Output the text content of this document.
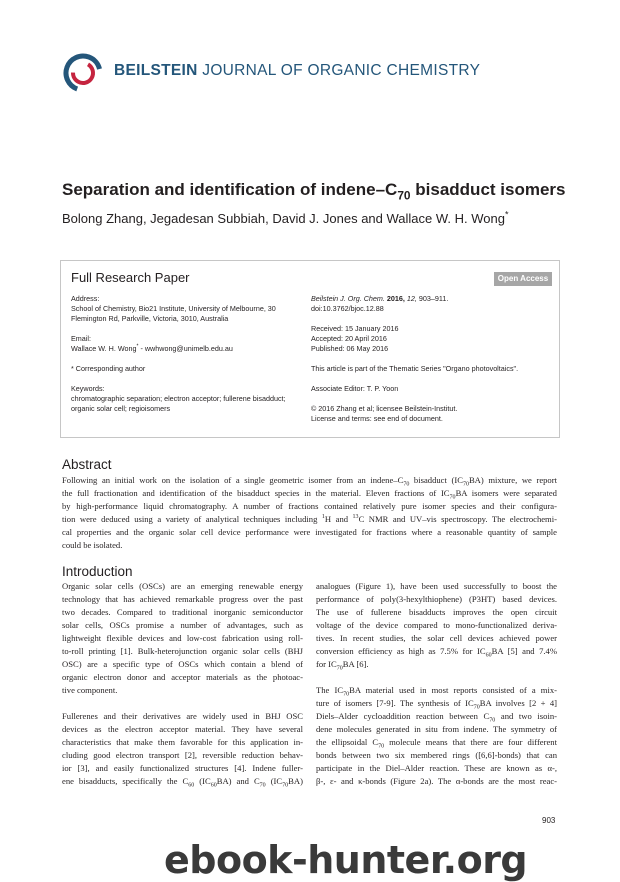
BEILSTEIN JOURNAL OF ORGANIC CHEMISTRY
Separation and identification of indene–$C_{70}$ bisadduct isomers
Bolong Zhang, Jegadesan Subbiah, David J. Jones and Wallace W. H. Wong*
Full Research Paper	Open Access
Address:
School of Chemistry, Bio21 Institute, University of Melbourne, 30
Flemington Rd, Parkville, Victoria, 3010, Australia
Email:
Wallace W. H. Wong* - wwhwong@unimelb.edu.au
* Corresponding author
Keywords:
chromatographic separation; electron acceptor; fullerene bisadduct;
organic solar cell; regioisomers
Beilstein J. Org. Chem. 2016, 12, 903–911.
doi:10.3762/bjoc.12.88
Received: 15 January 2016
Accepted: 20 April 2016
Published: 06 May 2016
This article is part of the Thematic Series "Organo photovoltaics".
Associate Editor: T. P. Yoon
© 2016 Zhang et al; licensee Beilstein-Institut.
License and terms: see end of document.
Abstract
Following an initial work on the isolation of a single geometric isomer from an indene–$C_{70}$ bisadduct $(IC_{70}BA)$ mixture, we report
the full fractionation and identification of the bisadduct species in the material. Eleven fractions of $IC_{70}BA$ isomers were separated
by high-performance liquid chromatography. A number of fractions contained relatively pure isomer species and their configura-
tion were deduced using a variety of analytical techniques including $^1$H and $^{13}$C NMR and UV–vis spectroscopy. The electrochemi-
cal properties and the organic solar cell device performance were investigated for fractions where a reasonable quantity of sample
could be isolated.
Introduction
Organic solar cells (OSCs) are an emerging renewable energy
technology that has achieved remarkable progress over the past
two decades. Compared to traditional inorganic semiconductor
solar cells, OSCs promise a number of advantages, such as
lightweight flexible devices and low-cost fabrication using roll-
to-roll printing [1]. Bulk-heterojunction organic solar cells (BHJ
OSC) are a specific type of OSCs which contain a blend of
organic electron donor and acceptor materials as the photoac-
tive component.
Fullerenes and their derivatives are widely used in BHJ OSC
devices as the electron acceptor material. They have several
characteristics that make them favorable for this application in-
cluding good electron transport [2], reversible reduction behav-
ior [3], and easily functionalized structures [4]. Indene fuller-
ene bisadducts, specifically the $C_{60}$ $(IC_{60}BA)$ and $C_{70}$ $(IC_{70}BA)$
analogues (Figure 1), have been used successfully to boost the
performance of poly(3-hexylthiophene) (P3HT) based devices.
The use of fullerene bisadducts improves the open circuit
voltage of the device compared to mono-functionalized deriva-
tives. In recent studies, the solar cell devices achieved power
conversion efficiency as high as 7.5% for $IC_{60}BA$ [5] and 7.4%
for $IC_{70}BA$ [6].
The $IC_{70}BA$ material used in most reports consisted of a mix-
ture of isomers [7-9]. The synthesis of $IC_{70}BA$ involves [2 + 4]
Diels–Alder cycloaddition reaction between $C_{70}$ and two isoin-
dene molecules generated in situ from indene. The symmetry of
the ellipsoidal $C_{70}$ molecule means that there are four different
bonds between two six membered rings ([6,6]-bonds) that can
participate in the Diel–Alder reaction. These are known as α-,
β-, ε- and κ-bonds (Figure 2a). The α-bonds are the most reac-
903
ebook-hunter.org
